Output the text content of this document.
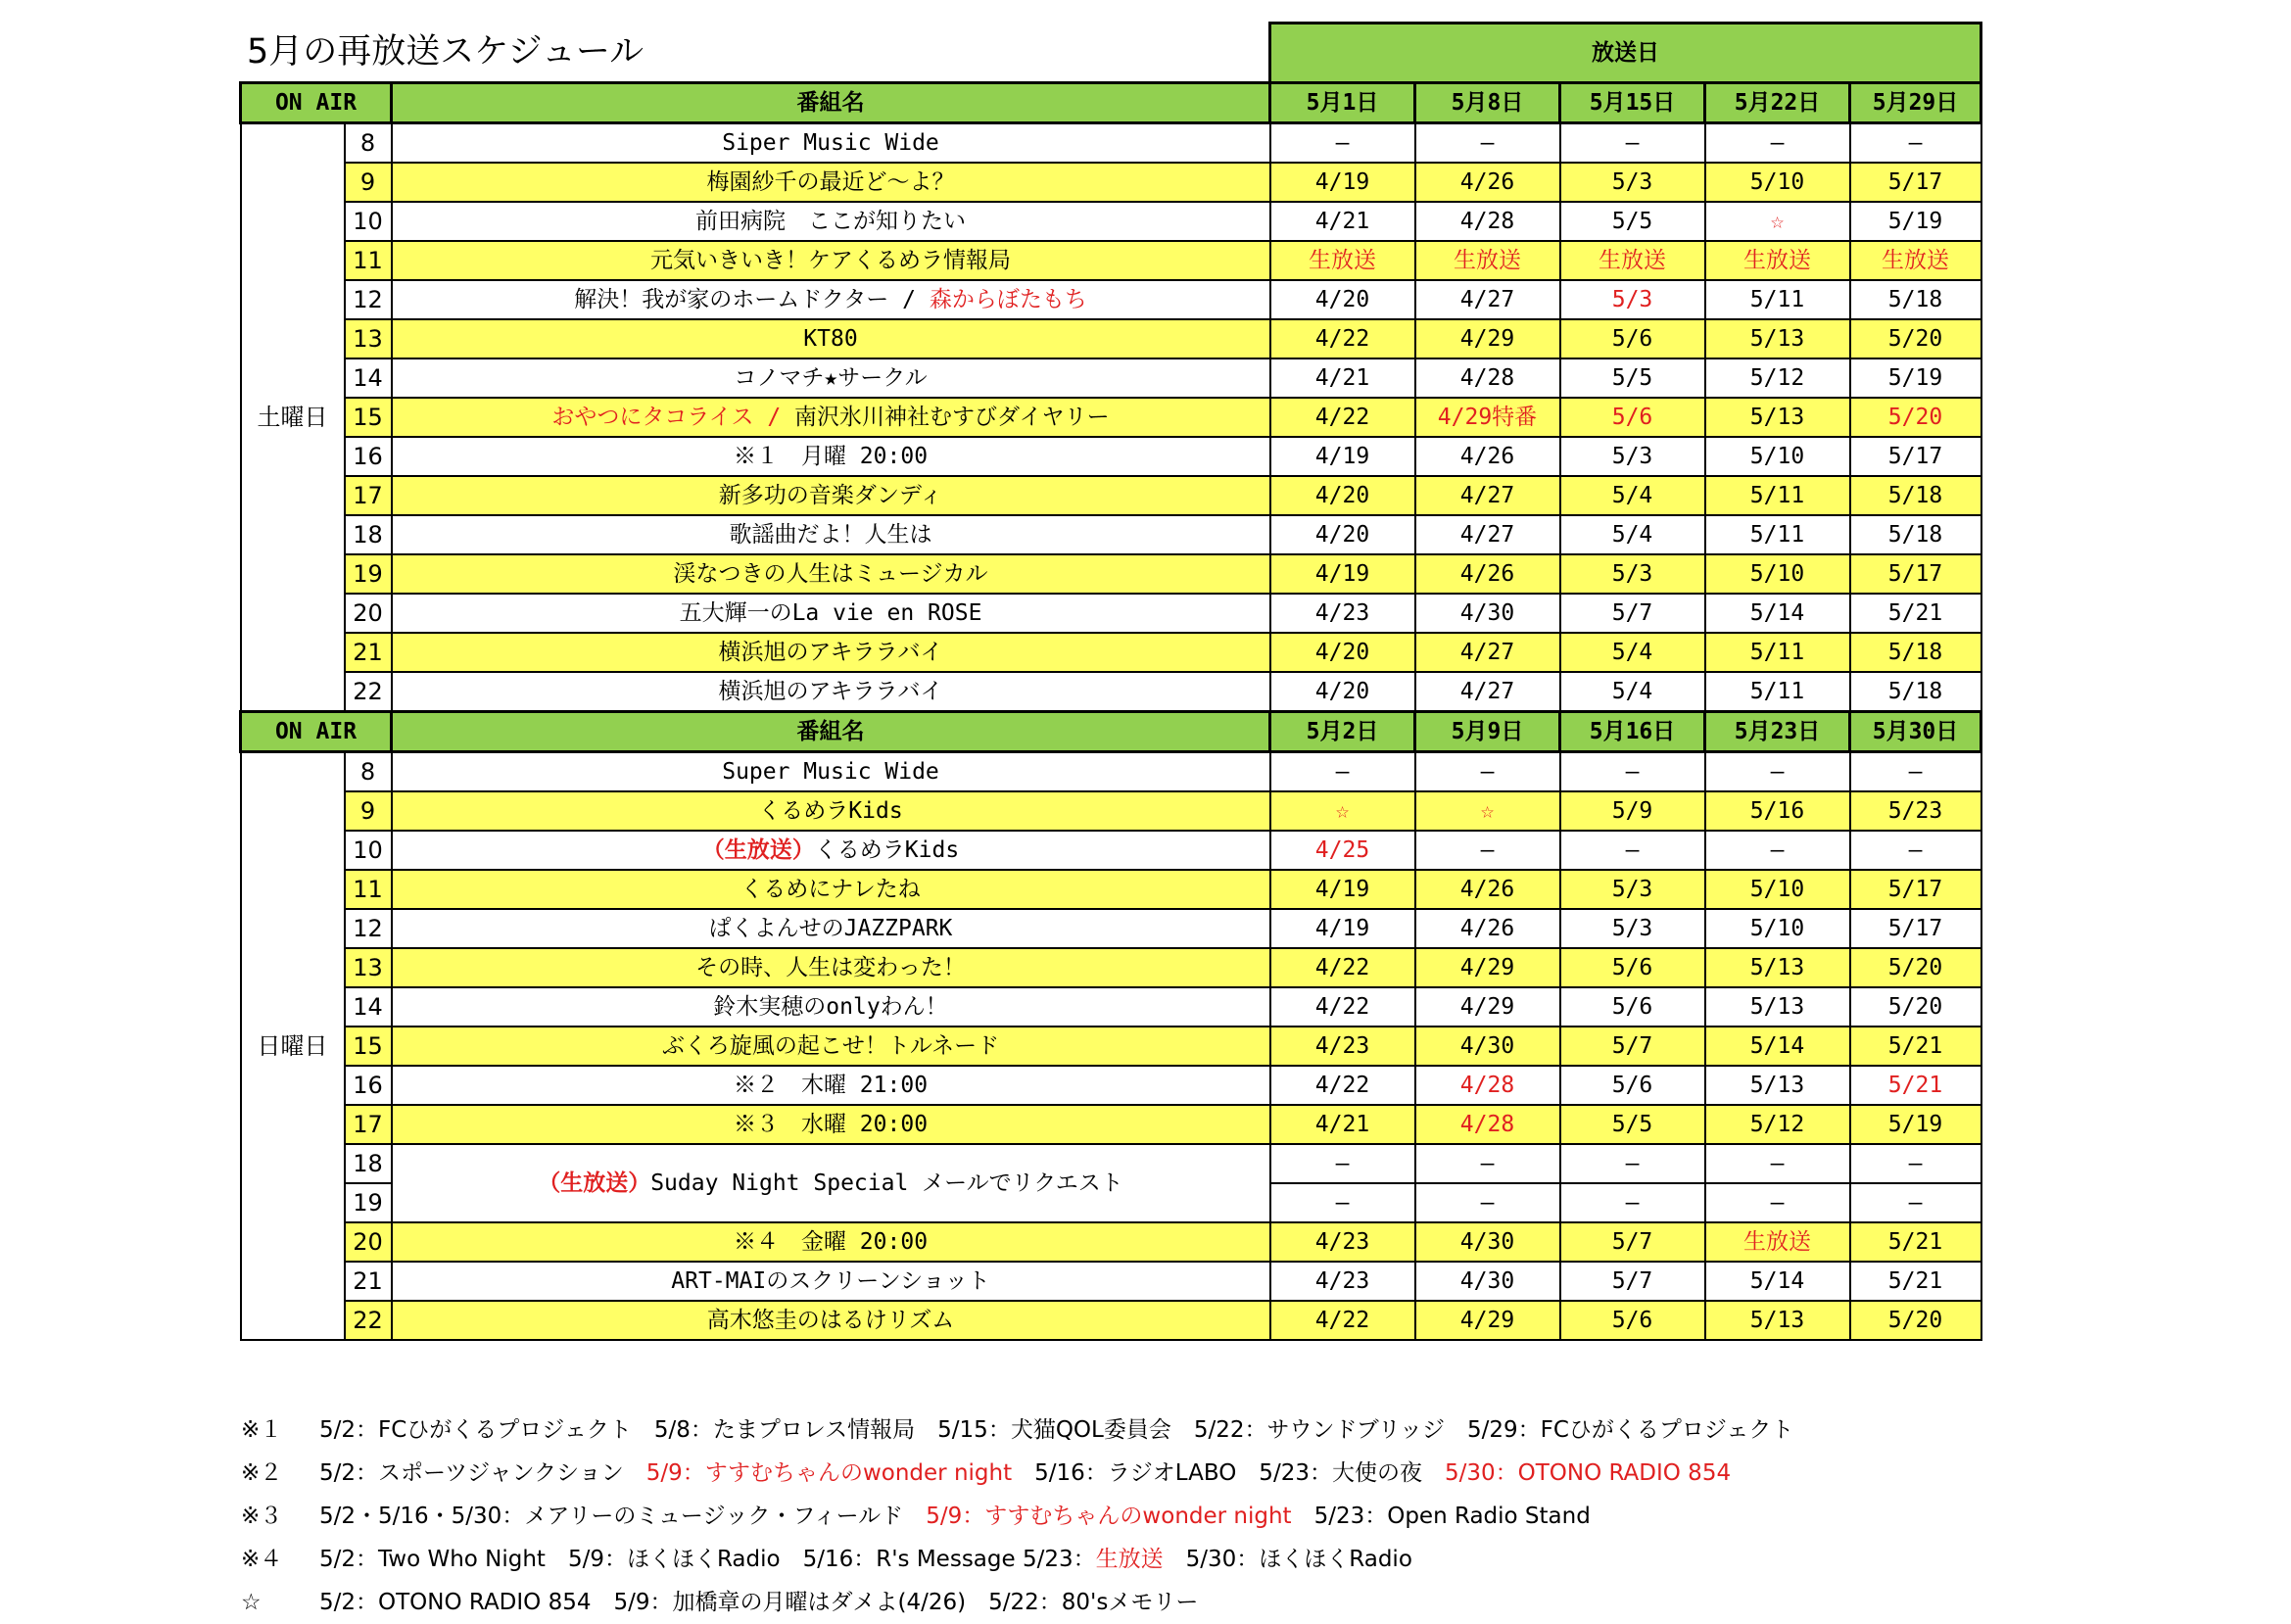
5月の再放送スケジュール
			放送日				
ON AIR		番組名	5月1日	5月8日	5月15日	5月22日	5月29日
土曜日	8	Siper Music Wide	—	—	—	—	—
	9	梅園紗千の最近ど～よ？	4/19	4/26	5/3	5/10	5/17
	10	前田病院　ここが知りたい	4/21	4/28	5/5	☆	5/19
	11	元気いきいき！ケアくるめラ情報局	生放送	生放送	生放送	生放送	生放送
	12	解決！我が家のホームドクター / 森からぼたもち	4/20	4/27	5/3	5/11	5/18
	13	KT80	4/22	4/29	5/6	5/13	5/20
	14	コノマチ★サークル	4/21	4/28	5/5	5/12	5/19
	15	おやつにタコライス / 南沢氷川神社むすびダイヤリー	4/22	4/29特番	5/6	5/13	5/20
	16	※１　月曜 20:00	4/19	4/26	5/3	5/10	5/17
	17	新多功の音楽ダンディ	4/20	4/27	5/4	5/11	5/18
	18	歌謡曲だよ！人生は	4/20	4/27	5/4	5/11	5/18
	19	渓なつきの人生はミュージカル	4/19	4/26	5/3	5/10	5/17
	20	五大輝一のLa vie en ROSE	4/23	4/30	5/7	5/14	5/21
	21	横浜旭のアキララバイ	4/20	4/27	5/4	5/11	5/18
	22	横浜旭のアキララバイ	4/20	4/27	5/4	5/11	5/18
ON AIR		番組名	5月2日	5月9日	5月16日	5月23日	5月30日
日曜日	8	Super Music Wide	—	—	—	—	—
	9	くるめラKids	☆	☆	5/9	5/16	5/23
	10	（生放送）くるめラKids	4/25	—	—	—	—
	11	くるめにナレたね	4/19	4/26	5/3	5/10	5/17
	12	ぱくよんせのJAZZPARK	4/19	4/26	5/3	5/10	5/17
	13	その時、人生は変わった！	4/22	4/29	5/6	5/13	5/20
	14	鈴木実穂のonlyわん！	4/22	4/29	5/6	5/13	5/20
	15	ぶくろ旋風の起こせ！トルネード	4/23	4/30	5/7	5/14	5/21
	16	※２　木曜 21:00	4/22	4/28	5/6	5/13	5/21
	17	※３　水曜 20:00	4/21	4/28	5/5	5/12	5/19
	18	（生放送）Suday Night Special メールでリクエスト	—	—	—	—	—
	19		—	—	—	—	—
	20	※４　金曜 20:00	4/23	4/30	5/7	生放送	5/21
	21	ART-MAIのスクリーンショット	4/23	4/30	5/7	5/14	5/21
	22	高木悠圭のはるけリズム	4/22	4/29	5/6	5/13	5/20
※１ 5/2：FCひがくるプロジェクト　5/8：たまプロレス情報局　5/15：犬猫QOL委員会　5/22：サウンドブリッジ　5/29：FCひがくるプロジェクト
※２ 5/2：スポーツジャンクション　5/9：すすむちゃんのwonder night　5/16：ラジオLABO　5/23：大使の夜　5/30：OTONO RADIO 854
※３ 5/2・5/16・5/30：メアリーのミュージック・フィールド　5/9：すすむちゃんのwonder night　5/23：Open Radio Stand
※４ 5/2：Two Who Night　5/9：ほくほくRadio　5/16：R's Message 5/23：生放送　5/30：ほくほくRadio
☆	5/2：OTONO RADIO 854　5/9：加橋章の月曜はダメよ(4/26)　5/22：80'sメモリー
